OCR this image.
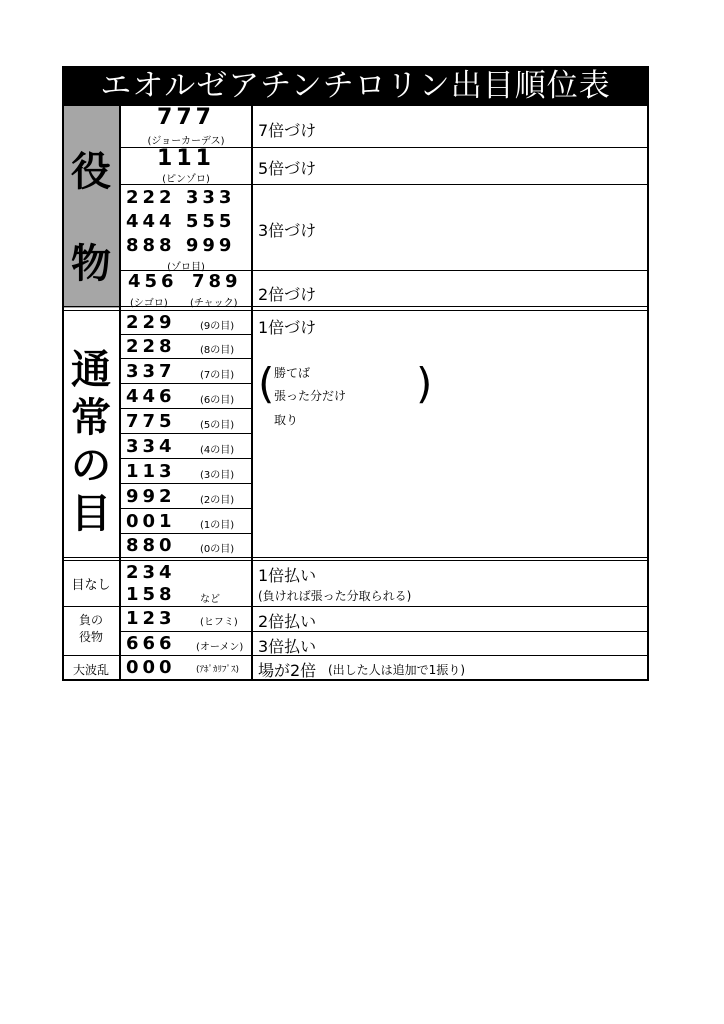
エオルゼアチンチロリン出目順位表
役
物
777
(ジョーカーデス)
7倍づけ
111
(ピンゾロ)
5倍づけ
222 333
444 555
888 999
(ゾロ目)
3倍づけ
456 789
(シゴロ) (チャック) 2倍づけ
通
常
の
目
229 (9の目)
228 (8の目)
337 (7の目)
446 (6の目)
775 (5の目)
334 (4の目)
113 (3の目)
992 (2の目)
001 (1の目)
880 (0の目)
1倍づけ
(	)
勝てば
張った分だけ
取り
目なし
234
158 など
1倍払い
(負ければ張った分取られる)
負の
役物
123 (ヒフミ) 2倍払い
666 (オーメン) 3倍払い
大波乱 000 (ｱﾎﾟｶﾘﾌﾟｽ) 場が2倍 (出した人は追加で1振り)
